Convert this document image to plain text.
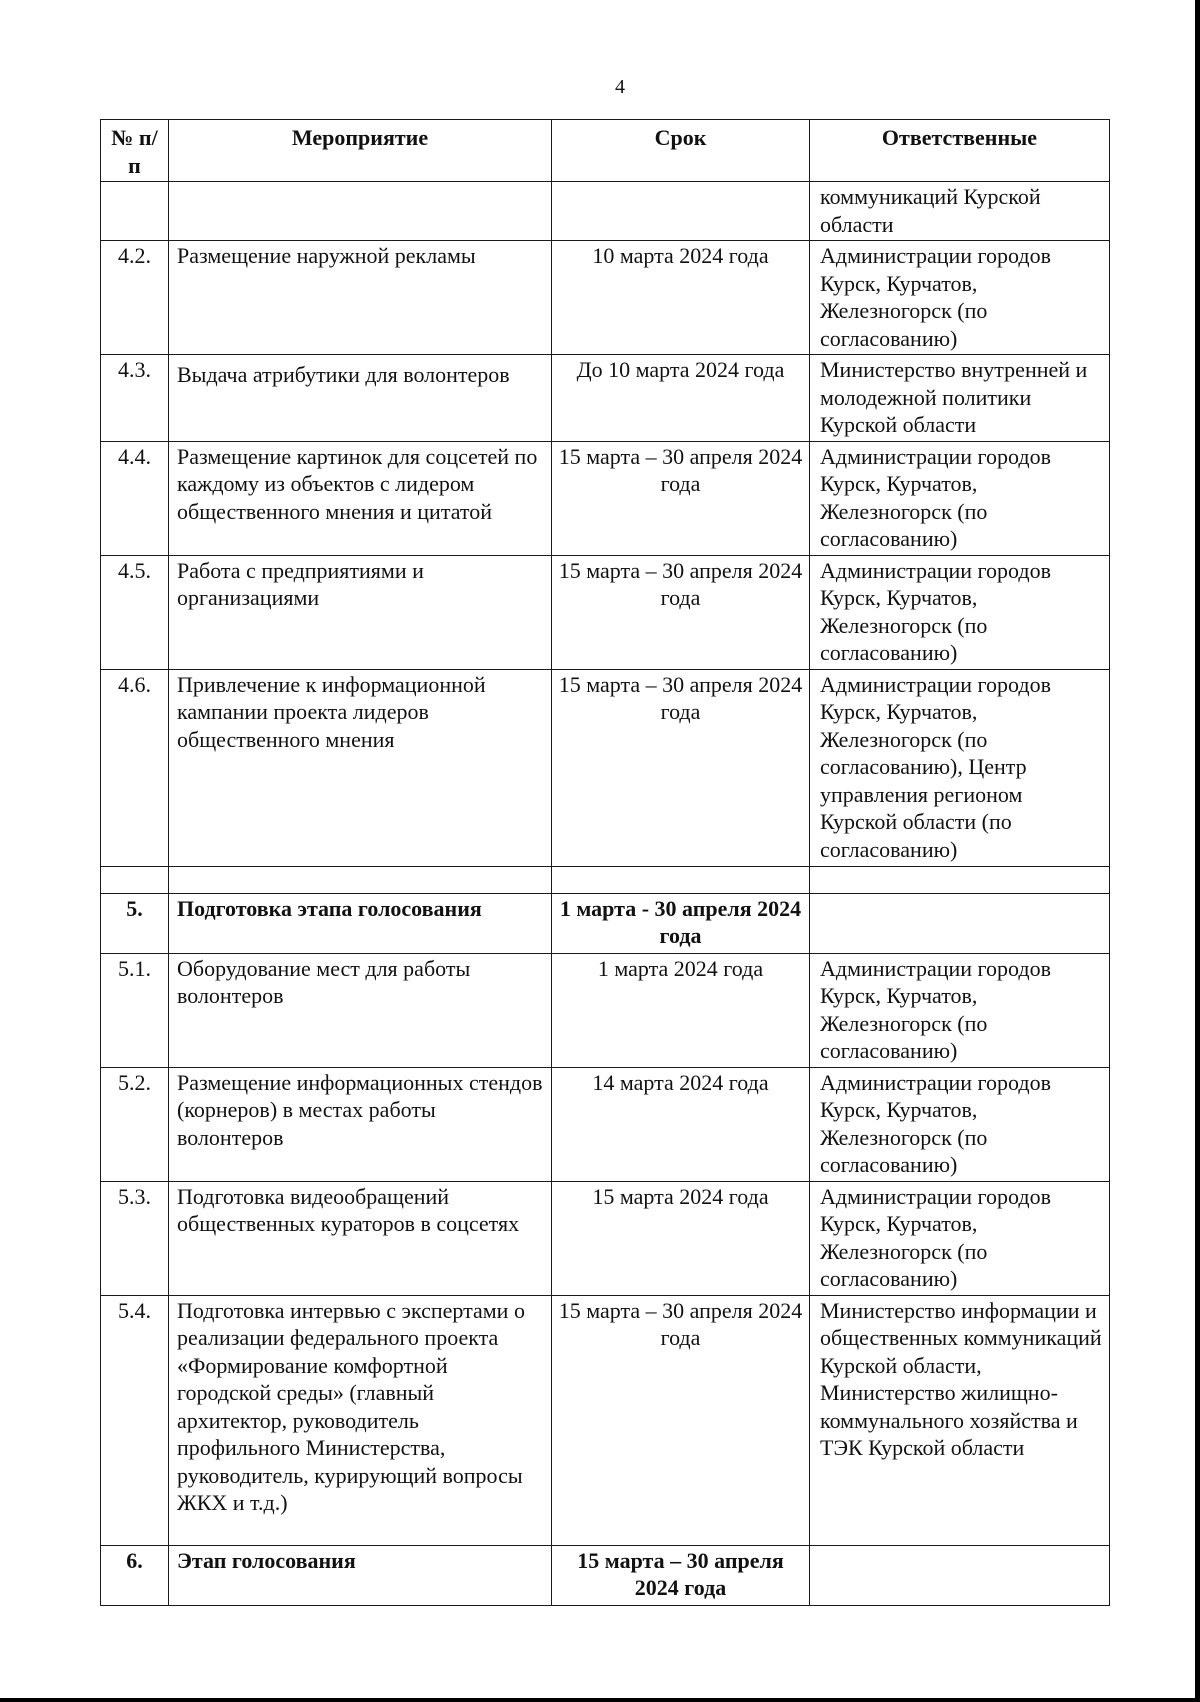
4
№ п/п	Мероприятие	Срок	Ответственные
			коммуникаций Курской области
4.2.	Размещение наружной рекламы	10 марта 2024 года	Администрации городов Курск, Курчатов, Железногорск (по согласованию)
4.3.	Выдача атрибутики для волонтеров	До 10 марта 2024 года	Министерство внутренней и молодежной политики Курской области
4.4.	Размещение картинок для соцсетей по каждому из объектов с лидером общественного мнения и цитатой	15 марта – 30 апреля 2024 года	Администрации городов Курск, Курчатов, Железногорск (по согласованию)
4.5.	Работа с предприятиями и организациями	15 марта – 30 апреля 2024 года	Администрации городов Курск, Курчатов, Железногорск (по согласованию)
4.6.	Привлечение к информационной кампании проекта лидеров общественного мнения	15 марта – 30 апреля 2024 года	Администрации городов Курск, Курчатов, Железногорск (по согласованию), Центр управления регионом Курской области (по согласованию)

5.	Подготовка этапа голосования	1 марта - 30 апреля 2024 года	
5.1.	Оборудование мест для работы волонтеров	1 марта 2024 года	Администрации городов Курск, Курчатов, Железногорск (по согласованию)
5.2.	Размещение информационных стендов (корнеров) в местах работы волонтеров	14 марта 2024 года	Администрации городов Курск, Курчатов, Железногорск (по согласованию)
5.3.	Подготовка видеообращений общественных кураторов в соцсетях	15 марта 2024 года	Администрации городов Курск, Курчатов, Железногорск (по согласованию)
5.4.	Подготовка интервью с экспертами о реализации федерального проекта «Формирование комфортной городской среды» (главный архитектор, руководитель профильного Министерства, руководитель, курирующий вопросы ЖКХ и т.д.)	15 марта – 30 апреля 2024 года	Министерство информации и общественных коммуникаций Курской области, Министерство жилищно-коммунального хозяйства и ТЭК Курской области
6.	Этап голосования	15 марта – 30 апреля 2024 года	
